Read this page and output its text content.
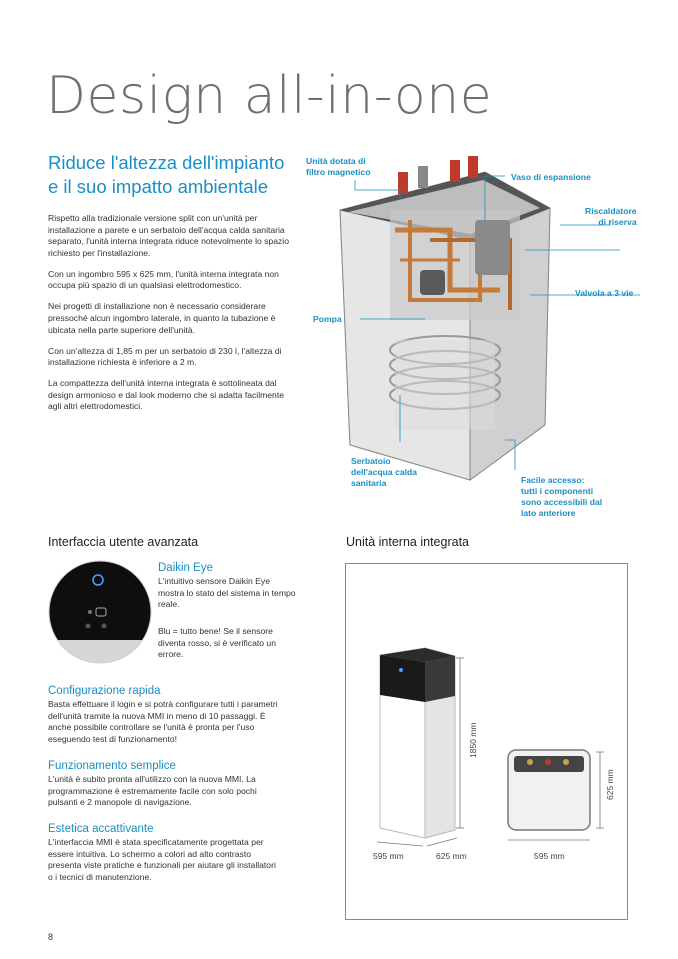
Design all-in-one
Riduce l'altezza dell'impianto
e il suo impatto ambientale

Rispetto alla tradizionale versione split con un'unità per installazione a parete e un serbatoio dell'acqua calda sanitaria separato, l'unità interna integrata riduce notevolmente lo spazio richiesto per l'installazione.

Con un ingombro 595 x 625 mm, l'unità interna integrata non occupa più spazio di un qualsiasi elettrodomestico.

Nei progetti di installazione non è necessario considerare pressoché alcun ingombro laterale, in quanto la tubazione è ubicata nella parte superiore dell'unità.

Con un'altezza di 1,85 m per un serbatoio di 230 l, l'altezza di installazione richiesta è inferiore a 2 m.

La compattezza dell'unità interna integrata è sottolineata dal design armonioso e dal look moderno che si adatta facilmente agli altri elettrodomestici.

Unità dotata di
filtro magnetico	Vaso di espansione
Riscaldatore
di riserva
Valvola a 3 vie
Pompa
Serbatoio
dell'acqua calda
sanitaria	Facile accesso:
tutti i componenti
sono accessibili dal
lato anteriore
Interfaccia utente avanzata
Daikin Eye
L'intuitivo sensore Daikin Eye mostra lo stato del sistema in tempo reale.
Blu = tutto bene! Se il sensore diventa rosso, si è verificato un errore.
Configurazione rapida
Basta effettuare il login e si potrà configurare tutti i parametri dell'unità tramite la nuova MMI in meno di 10 passaggi. È anche possibile controllare se l'unità è pronta per l'uso eseguendo test di funzionamento!
Funzionamento semplice
L'unità è subito pronta all'utilizzo con la nuova MMI. La programmazione è estremamente facile con solo pochi pulsanti e 2 manopole di navigazione.
Estetica accattivante
L'interfaccia MMI è stata specificatamente progettata per essere intuitiva. Lo schermo a colori ad alto contrasto presenta viste pratiche e funzionali per aiutare gli installatori o i tecnici di manutenzione.
Unità interna integrata
1850 mm
595 mm	625 mm
625 mm
595 mm
8
